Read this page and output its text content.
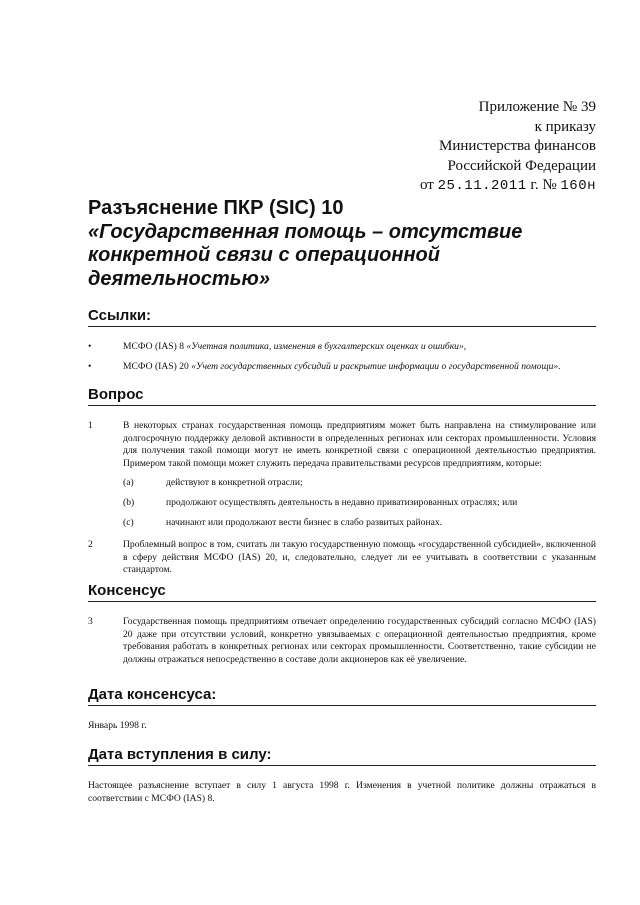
Приложение № 39
к приказу
Министерства финансов
Российской Федерации
от 25.11.2011 г. № 160н
Разъяснение ПКР (SIC) 10
«Государственная помощь – отсутствие конкретной связи с операционной деятельностью»
Ссылки:
•	МСФО (IAS) 8 «Учетная политика, изменения в бухгалтерских оценках и ошибки»,
•	МСФО (IAS) 20 «Учет государственных субсидий и раскрытие информации о государственной помощи».
Вопрос
1	В некоторых странах государственная помощь предприятиям может быть направлена на стимулирование или долгосрочную поддержку деловой активности в определенных регионах или секторах промышленности. Условия для получения такой помощи могут не иметь конкретной связи с операционной деятельностью предприятия. Примером такой помощи может служить передача правительствами ресурсов предприятиям, которые:
(a)	действуют в конкретной отрасли;
(b)	продолжают осуществлять деятельность в недавно приватизированных отраслях; или
(c)	начинают или продолжают вести бизнес в слабо развитых районах.
2	Проблемный вопрос в том, считать ли такую государственную помощь «государственной субсидией», включенной в сферу действия МСФО (IAS) 20, и, следовательно, следует ли ее учитывать в соответствии с указанным стандартом.
Консенсус
3	Государственная помощь предприятиям отвечает определению государственных субсидий согласно МСФО (IAS) 20 даже при отсутствии условий, конкретно увязываемых с операционной деятельностью предприятия, кроме требования работать в конкретных регионах или секторах промышленности. Соответственно, такие субсидии не должны отражаться непосредственно в составе доли акционеров как её увеличение.
Дата консенсуса:
Январь 1998 г.
Дата вступления в силу:
Настоящее разъяснение вступает в силу 1 августа 1998 г. Изменения в учетной политике должны отражаться в соответствии с МСФО (IAS) 8.
